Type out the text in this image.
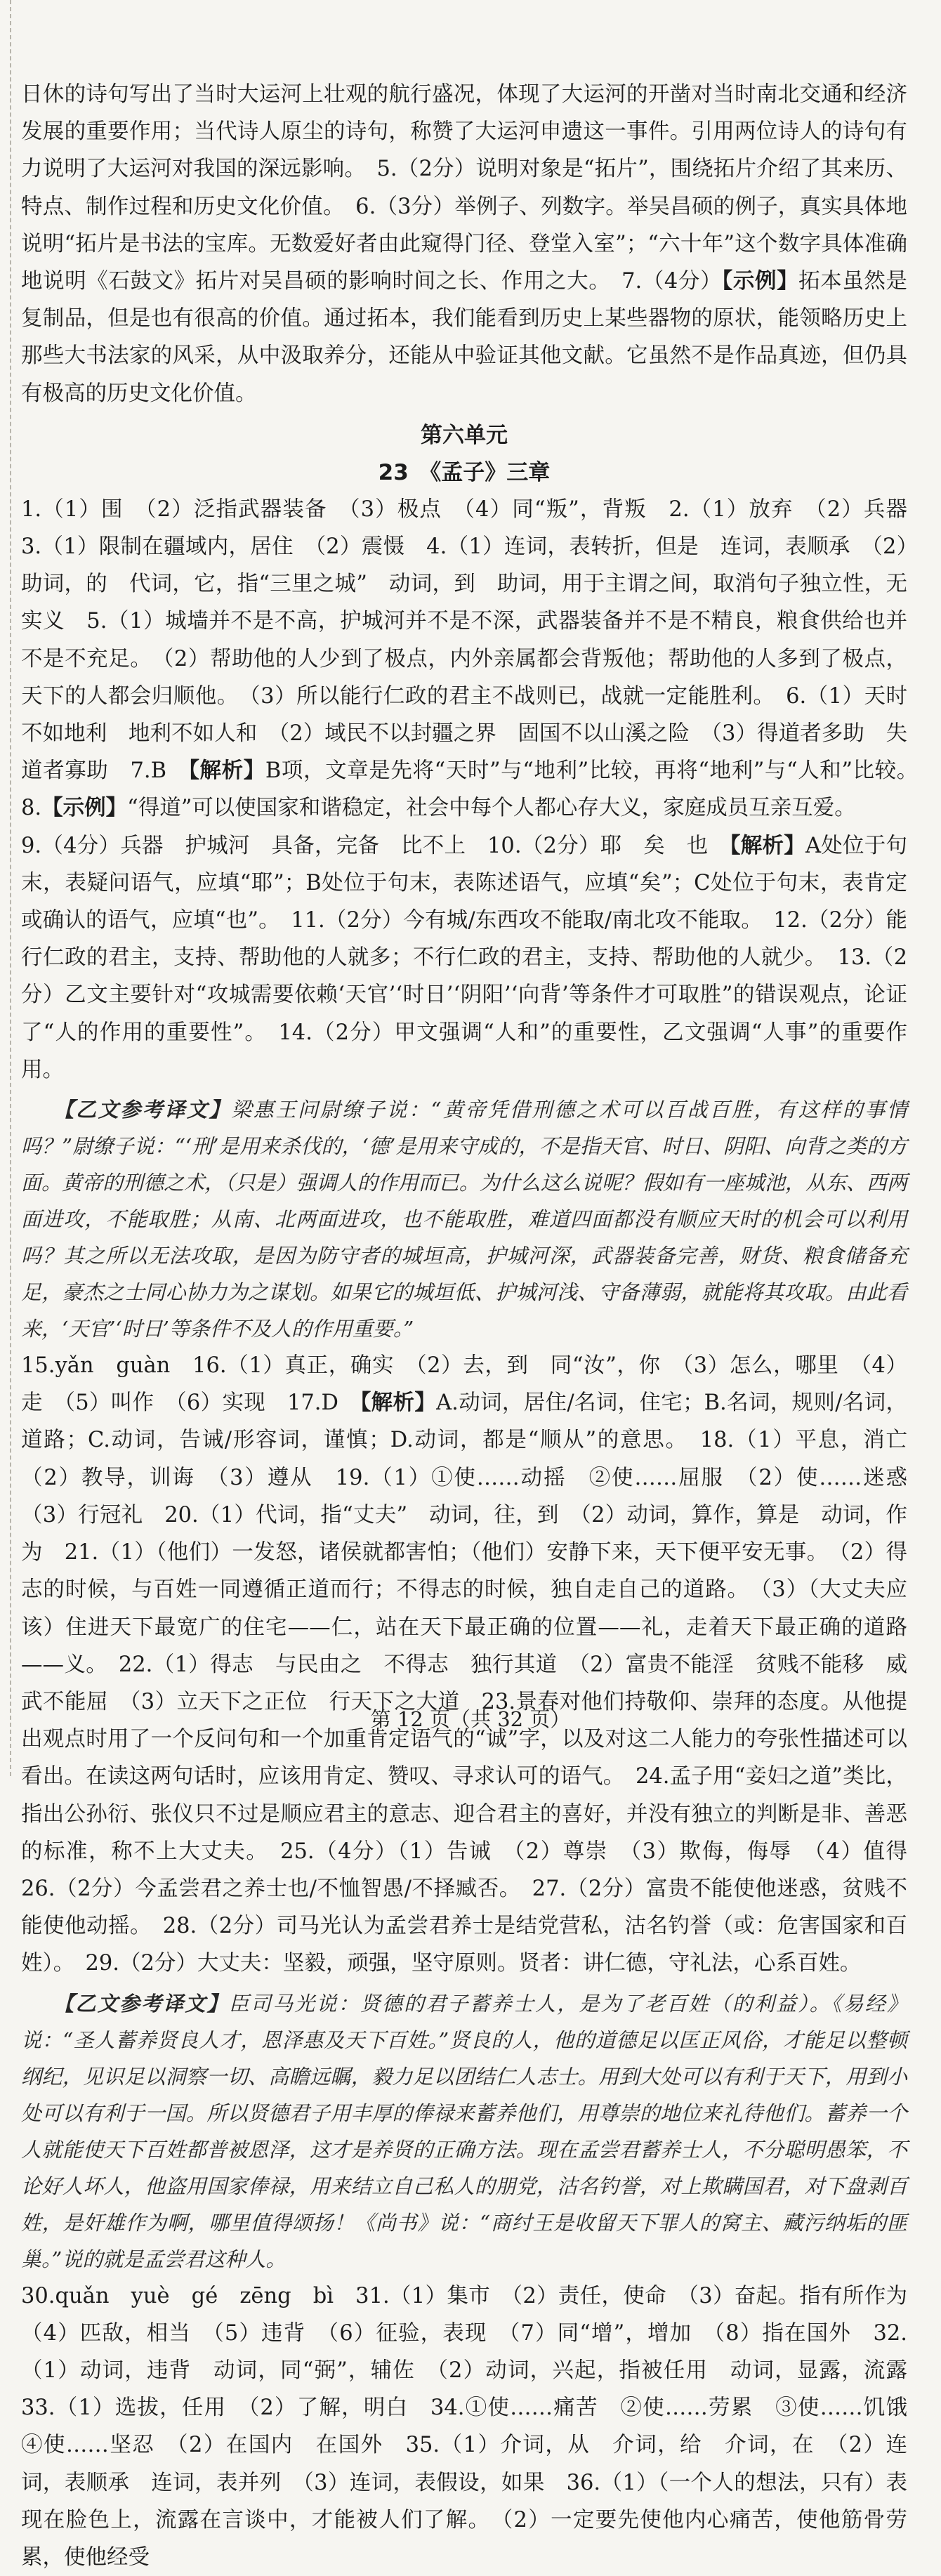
日休的诗句写出了当时大运河上壮观的航行盛况，体现了大运河的开凿对当时南北交通和经济发展的重要作用；当代诗人原尘的诗句，称赞了大运河申遗这一事件。引用两位诗人的诗句有力说明了大运河对我国的深远影响。　5.（2分）说明对象是“拓片”，围绕拓片介绍了其来历、特点、制作过程和历史文化价值。　6.（3分）举例子、列数字。举吴昌硕的例子，真实具体地说明“拓片是书法的宝库。无数爱好者由此窥得门径、登堂入室”；“六十年”这个数字具体准确地说明《石鼓文》拓片对吴昌硕的影响时间之长、作用之大。　7.（4分）【示例】拓本虽然是复制品，但是也有很高的价值。通过拓本，我们能看到历史上某些器物的原状，能领略历史上那些大书法家的风采，从中汲取养分，还能从中验证其他文献。它虽然不是作品真迹，但仍具有极高的历史文化价值。

第六单元

23　《孟子》三章

1.（1）围　（2）泛指武器装备　（3）极点　（4）同“叛”，背叛　2.（1）放弃　（2）兵器　3.（1）限制在疆域内，居住　（2）震慑　4.（1）连词，表转折，但是　连词，表顺承　（2）助词，的　代词，它，指“三里之城”　动词，到　助词，用于主谓之间，取消句子独立性，无实义　5.（1）城墙并不是不高，护城河并不是不深，武器装备并不是不精良，粮食供给也并不是不充足。　（2）帮助他的人少到了极点，内外亲属都会背叛他；帮助他的人多到了极点，天下的人都会归顺他。　（3）所以能行仁政的君主不战则已，战就一定能胜利。　6.（1）天时不如地利　地利不如人和　（2）域民不以封疆之界　固国不以山溪之险　（3）得道者多助　失道者寡助　7.B　【解析】B项，文章是先将“天时”与“地利”比较，再将“地利”与“人和”比较。　8.【示例】“得道”可以使国家和谐稳定，社会中每个人都心存大义，家庭成员互亲互爱。

9.（4分）兵器　护城河　具备，完备　比不上　10.（2分）耶　矣　也　【解析】A处位于句末，表疑问语气，应填“耶”；B处位于句末，表陈述语气，应填“矣”；C处位于句末，表肯定或确认的语气，应填“也”。　11.（2分）今有城/东西攻不能取/南北攻不能取。　12.（2分）能行仁政的君主，支持、帮助他的人就多；不行仁政的君主，支持、帮助他的人就少。　13.（2分）乙文主要针对“攻城需要依赖‘天官’‘时日’‘阴阳’‘向背’等条件才可取胜”的错误观点，论证了“人的作用的重要性”。　14.（2分）甲文强调“人和”的重要性，乙文强调“人事”的重要作用。

【乙文参考译文】梁惠王问尉缭子说：“黄帝凭借刑德之术可以百战百胜，有这样的事情吗？”尉缭子说：“‘刑’是用来杀伐的，‘德’是用来守成的，不是指天官、时日、阴阳、向背之类的方面。黄帝的刑德之术，（只是）强调人的作用而已。为什么这么说呢？假如有一座城池，从东、西两面进攻，不能取胜；从南、北两面进攻，也不能取胜，难道四面都没有顺应天时的机会可以利用吗？其之所以无法攻取，是因为防守者的城垣高，护城河深，武器装备完善，财货、粮食储备充足，豪杰之士同心协力为之谋划。如果它的城垣低、护城河浅、守备薄弱，就能将其攻取。由此看来，‘天官’‘时日’等条件不及人的作用重要。”

15.yǎn　guàn　16.（1）真正，确实　（2）去，到　同“汝”，你　（3）怎么，哪里　（4）走　（5）叫作　（6）实现　17.D　【解析】A.动词，居住/名词，住宅；B.名词，规则/名词，道路；C.动词，告诫/形容词，谨慎；D.动词，都是“顺从”的意思。　18.（1）平息，消亡　（2）教导，训诲　（3）遵从　19.（1）①使……动摇　②使……屈服　（2）使……迷惑　（3）行冠礼　20.（1）代词，指“丈夫”　动词，往，到　（2）动词，算作，算是　动词，作为　21.（1）（他们）一发怒，诸侯就都害怕；（他们）安静下来，天下便平安无事。　（2）得志的时候，与百姓一同遵循正道而行；不得志的时候，独自走自己的道路。　（3）（大丈夫应该）住进天下最宽广的住宅——仁，站在天下最正确的位置——礼，走着天下最正确的道路——义。　22.（1）得志　与民由之　不得志　独行其道　（2）富贵不能淫　贫贱不能移　威武不能屈　（3）立天下之正位　行天下之大道　23.景春对他们持敬仰、崇拜的态度。从他提出观点时用了一个反问句和一个加重肯定语气的“诚”字，以及对这二人能力的夸张性描述可以看出。在读这两句话时，应该用肯定、赞叹、寻求认可的语气。　24.孟子用“妾妇之道”类比，指出公孙衍、张仪只不过是顺应君主的意志、迎合君主的喜好，并没有独立的判断是非、善恶的标准，称不上大丈夫。　25.（4分）（1）告诫　（2）尊崇　（3）欺侮，侮辱　（4）值得　26.（2分）今孟尝君之养士也/不恤智愚/不择臧否。　27.（2分）富贵不能使他迷惑，贫贱不能使他动摇。　28.（2分）司马光认为孟尝君养士是结党营私，沽名钓誉（或：危害国家和百姓）。　29.（2分）大丈夫：坚毅，顽强，坚守原则。贤者：讲仁德，守礼法，心系百姓。

【乙文参考译文】臣司马光说：贤德的君子蓄养士人，是为了老百姓（的利益）。《易经》说：“圣人蓄养贤良人才，恩泽惠及天下百姓。”贤良的人，他的道德足以匡正风俗，才能足以整顿纲纪，见识足以洞察一切、高瞻远瞩，毅力足以团结仁人志士。用到大处可以有利于天下，用到小处可以有利于一国。所以贤德君子用丰厚的俸禄来蓄养他们，用尊崇的地位来礼待他们。蓄养一个人就能使天下百姓都普被恩泽，这才是养贤的正确方法。现在孟尝君蓄养士人，不分聪明愚笨，不论好人坏人，他盗用国家俸禄，用来结立自己私人的朋党，沽名钓誉，对上欺瞒国君，对下盘剥百姓，是奸雄作为啊，哪里值得颂扬！《尚书》说：“商纣王是收留天下罪人的窝主、藏污纳垢的匪巢。”说的就是孟尝君这种人。

30.quǎn　yuè　gé　zēng　bì　31.（1）集市　（2）责任，使命　（3）奋起。指有所作为　（4）匹敌，相当　（5）违背　（6）征验，表现　（7）同“增”，增加　（8）指在国外　32.（1）动词，违背　动词，同“弼”，辅佐　（2）动词，兴起，指被任用　动词，显露，流露　33.（1）选拔，任用　（2）了解，明白　34.①使……痛苦　②使……劳累　③使……饥饿　④使……坚忍　（2）在国内　在国外　35.（1）介词，从　介词，给　介词，在　（2）连词，表顺承　连词，表并列　（3）连词，表假设，如果　36.（1）（一个人的想法，只有）表现在脸色上，流露在言谈中，才能被人们了解。　（2）一定要先使他内心痛苦，使他筋骨劳累，使他经受

第 12 页（共 32 页）
